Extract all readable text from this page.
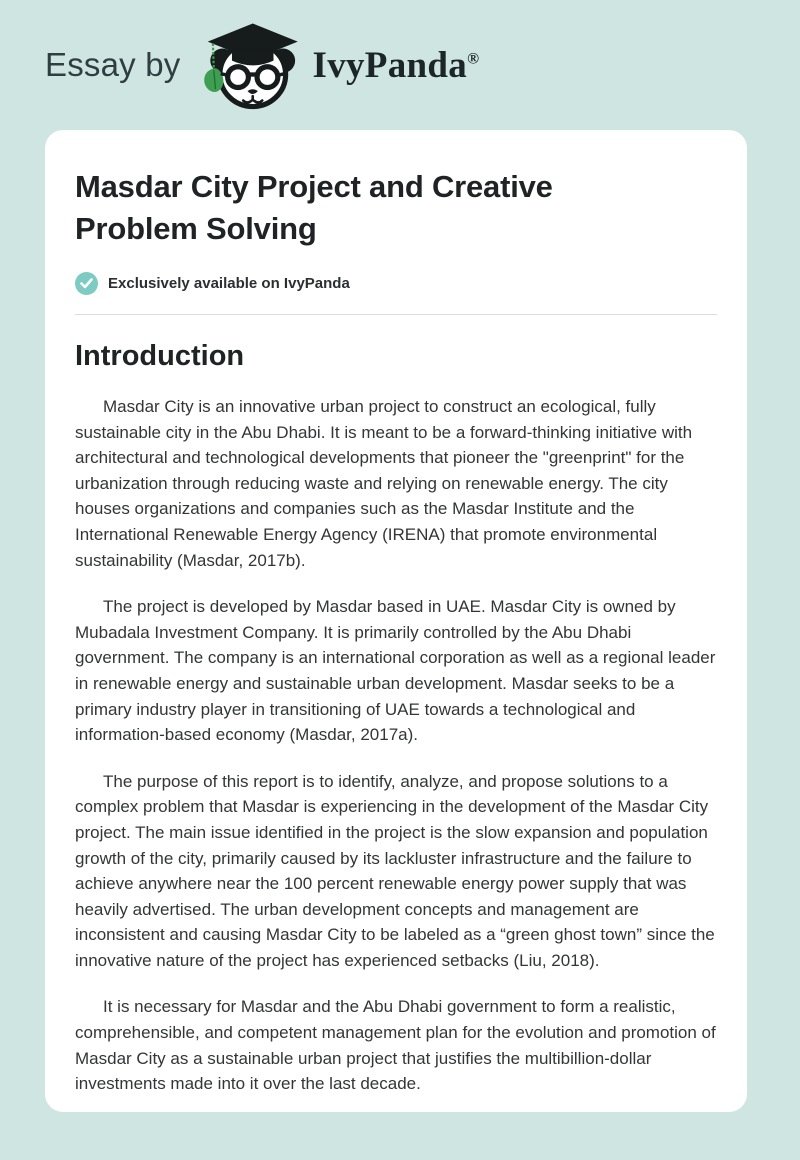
Essay by	IvyPanda®
Masdar City Project and Creative Problem Solving
Exclusively available on IvyPanda
Introduction

Masdar City is an innovative urban project to construct an ecological, fully sustainable city in the Abu Dhabi. It is meant to be a forward-thinking initiative with architectural and technological developments that pioneer the "greenprint" for the urbanization through reducing waste and relying on renewable energy. The city houses organizations and companies such as the Masdar Institute and the International Renewable Energy Agency (IRENA) that promote environmental sustainability (Masdar, 2017b).

The project is developed by Masdar based in UAE. Masdar City is owned by Mubadala Investment Company. It is primarily controlled by the Abu Dhabi government. The company is an international corporation as well as a regional leader in renewable energy and sustainable urban development. Masdar seeks to be a primary industry player in transitioning of UAE towards a technological and information-based economy (Masdar, 2017a).

The purpose of this report is to identify, analyze, and propose solutions to a complex problem that Masdar is experiencing in the development of the Masdar City project. The main issue identified in the project is the slow expansion and population growth of the city, primarily caused by its lackluster infrastructure and the failure to achieve anywhere near the 100 percent renewable energy power supply that was heavily advertised. The urban development concepts and management are inconsistent and causing Masdar City to be labeled as a “green ghost town” since the innovative nature of the project has experienced setbacks (Liu, 2018).

It is necessary for Masdar and the Abu Dhabi government to form a realistic, comprehensible, and competent management plan for the evolution and promotion of Masdar City as a sustainable urban project that justifies the multibillion-dollar investments made into it over the last decade.
